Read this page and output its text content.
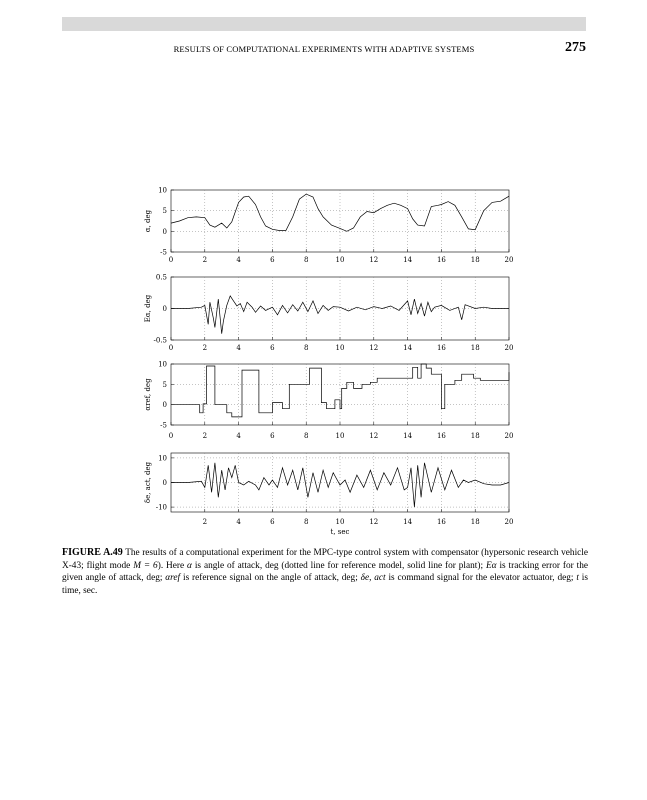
RESULTS OF COMPUTATIONAL EXPERIMENTS WITH ADAPTIVE SYSTEMS	275
0	2	4	6	8	10	12	14	16	18	20
10
5
0
-5
α, deg
0	2	4	6	8	10	12	14	16	18	20
0.5
0
-0.5
Eα, deg
0	2	4	6	8	10	12	14	16	18	20
10
5
0
-5
αref, deg
2	4	6	8	10	12	14	16	18	20
10
0
-10
δe, act, deg
t, sec
FIGURE A.49 The results of a computational experiment for the MPC-type control system with compensator (hypersonic research vehicle X-43; flight mode M = 6). Here α is angle of attack, deg (dotted line for reference model, solid line for plant); Eα is tracking error for the given angle of attack, deg; αref is reference signal on the angle of attack, deg; δe, act is command signal for the elevator actuator, deg; t is time, sec.
